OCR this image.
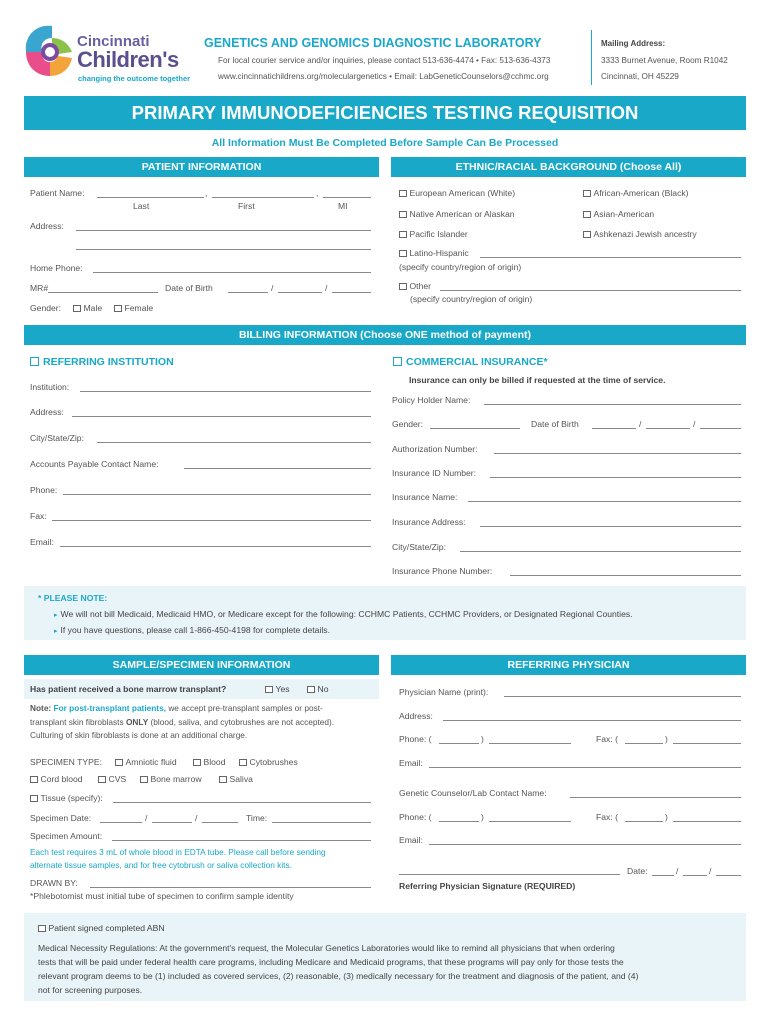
Cincinnati
Children's
changing the outcome together
GENETICS AND GENOMICS DIAGNOSTIC LABORATORY
For local courier service and/or inquiries, please contact 513-636-4474 • Fax: 513-636-4373
www.cincinnatichildrens.org/moleculargenetics • Email: LabGeneticCounselors@cchmc.org
Mailing Address:
3333 Burnet Avenue, Room R1042
Cincinnati, OH 45229
PRIMARY IMMUNODEFICIENCIES TESTING REQUISITION
All Information Must Be Completed Before Sample Can Be Processed
PATIENT INFORMATION
Patient Name:	,	,
Last	First	MI
Address:
Home Phone:
MR#	Date of Birth	/	/
Gender:	Male	Female
ETHNIC/RACIAL BACKGROUND (Choose All)
European American (White)	African-American (Black)
Native American or Alaskan	Asian-American
Pacific Islander	Ashkenazi Jewish ancestry
Latino-Hispanic
(specify country/region of origin)
Other
(specify country/region of origin)
BILLING INFORMATION (Choose ONE method of payment)
REFERRING INSTITUTION
Institution:
Address:
City/State/Zip:
Accounts Payable Contact Name:
Phone:
Fax:
Email:
COMMERCIAL INSURANCE*
Insurance can only be billed if requested at the time of service.
Policy Holder Name:
Gender:	Date of Birth	/	/
Authorization Number:
Insurance ID Number:
Insurance Name:
Insurance Address:
City/State/Zip:
Insurance Phone Number:
* PLEASE NOTE:
▸ We will not bill Medicaid, Medicaid HMO, or Medicare except for the following: CCHMC Patients, CCHMC Providers, or Designated Regional Counties.
▸ If you have questions, please call 1-866-450-4198 for complete details.
SAMPLE/SPECIMEN INFORMATION
Has patient received a bone marrow transplant?	Yes	No
Note: For post-transplant patients, we accept pre-transplant samples or post-
transplant skin fibroblasts ONLY (blood, saliva, and cytobrushes are not accepted).
Culturing of skin fibroblasts is done at an additional charge.
SPECIMEN TYPE:	Amniotic fluid	Blood	Cytobrushes
Cord blood	CVS	Bone marrow	Saliva
Tissue (specify):
Specimen Date:	/	/	Time:
Specimen Amount:
Each test requires 3 mL of whole blood in EDTA tube. Please call before sending
alternate tissue samples, and for free cytobrush or saliva collection kits.
DRAWN BY:
*Phlebotomist must initial tube of specimen to confirm sample identity
REFERRING PHYSICIAN
Physician Name (print):
Address:
Phone: (	)	Fax: (	)
Email:
Genetic Counselor/Lab Contact Name:
Phone: (	)	Fax: (	)
Email:
Date:	/	/
Referring Physician Signature (REQUIRED)
Patient signed completed ABN
Medical Necessity Regulations: At the government's request, the Molecular Genetics Laboratories would like to remind all physicians that when ordering
tests that will be paid under federal health care programs, including Medicare and Medicaid programs, that these programs will pay only for those tests the
relevant program deems to be (1) included as covered services, (2) reasonable, (3) medically necessary for the treatment and diagnosis of the patient, and (4)
not for screening purposes.
